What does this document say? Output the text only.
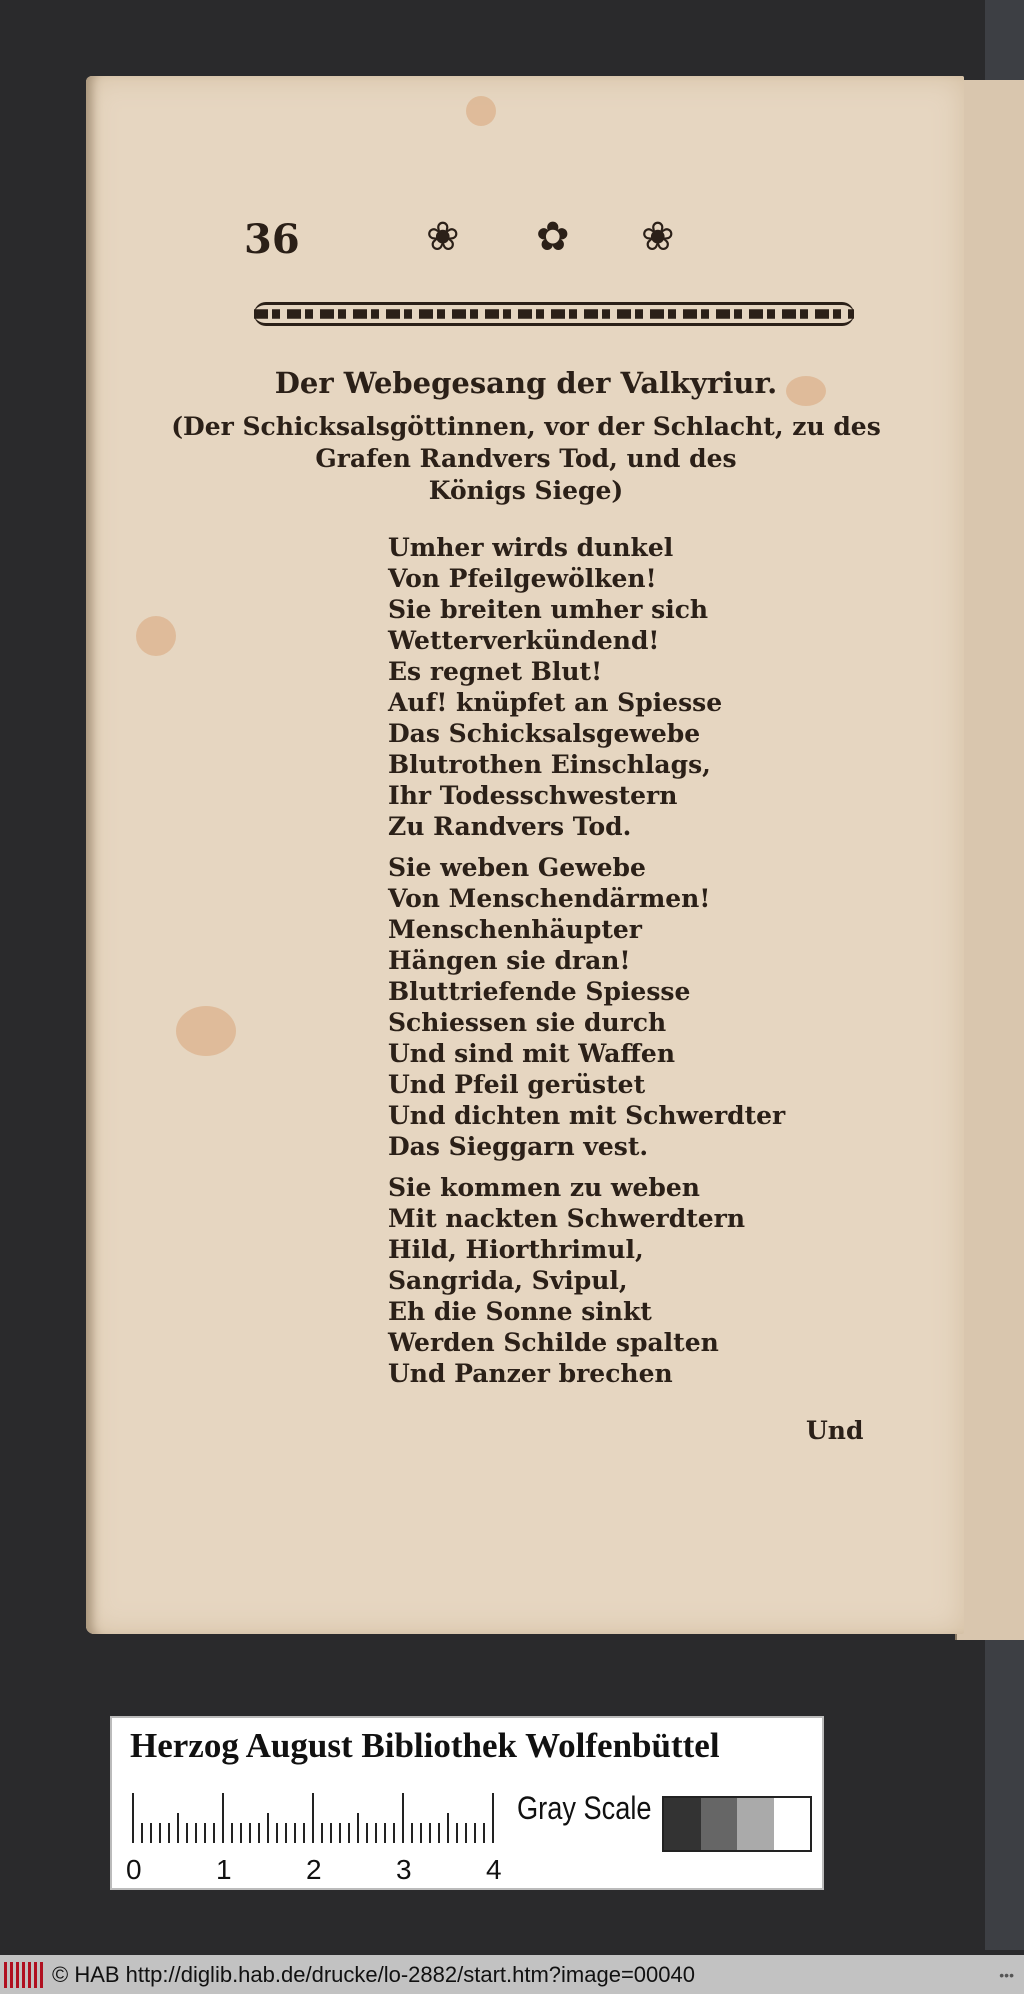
36	❀ ✿ ❀
Der Webegesang der Valkyriur.
(Der Schicksalsgöttinnen, vor der Schlacht, zu des
Grafen Randvers Tod, und des
Königs Siege)
Umher wirds dunkel
Von Pfeilgewölken!
Sie breiten umher sich
Wetterverkündend!
Es regnet Blut!
Auf! knüpfet an Spiesse
Das Schicksalsgewebe
Blutrothen Einschlags,
Ihr Todesschwestern
Zu Randvers Tod.
Sie weben Gewebe
Von Menschendärmen!
Menschenhäupter
Hängen sie dran!
Bluttriefende Spiesse
Schiessen sie durch
Und sind mit Waffen
Und Pfeil gerüstet
Und dichten mit Schwerdter
Das Sieggarn vest.
Sie kommen zu weben
Mit nackten Schwerdtern
Hild, Hiorthrimul,
Sangrida, Svipul,
Eh die Sonne sinkt
Werden Schilde spalten
Und Panzer brechen
Und
Herzog August Bibliothek Wolfenbüttel
0	1	2	3	4
Gray Scale
© HAB http://diglib.hab.de/drucke/lo-2882/start.htm?image=00040	•••
